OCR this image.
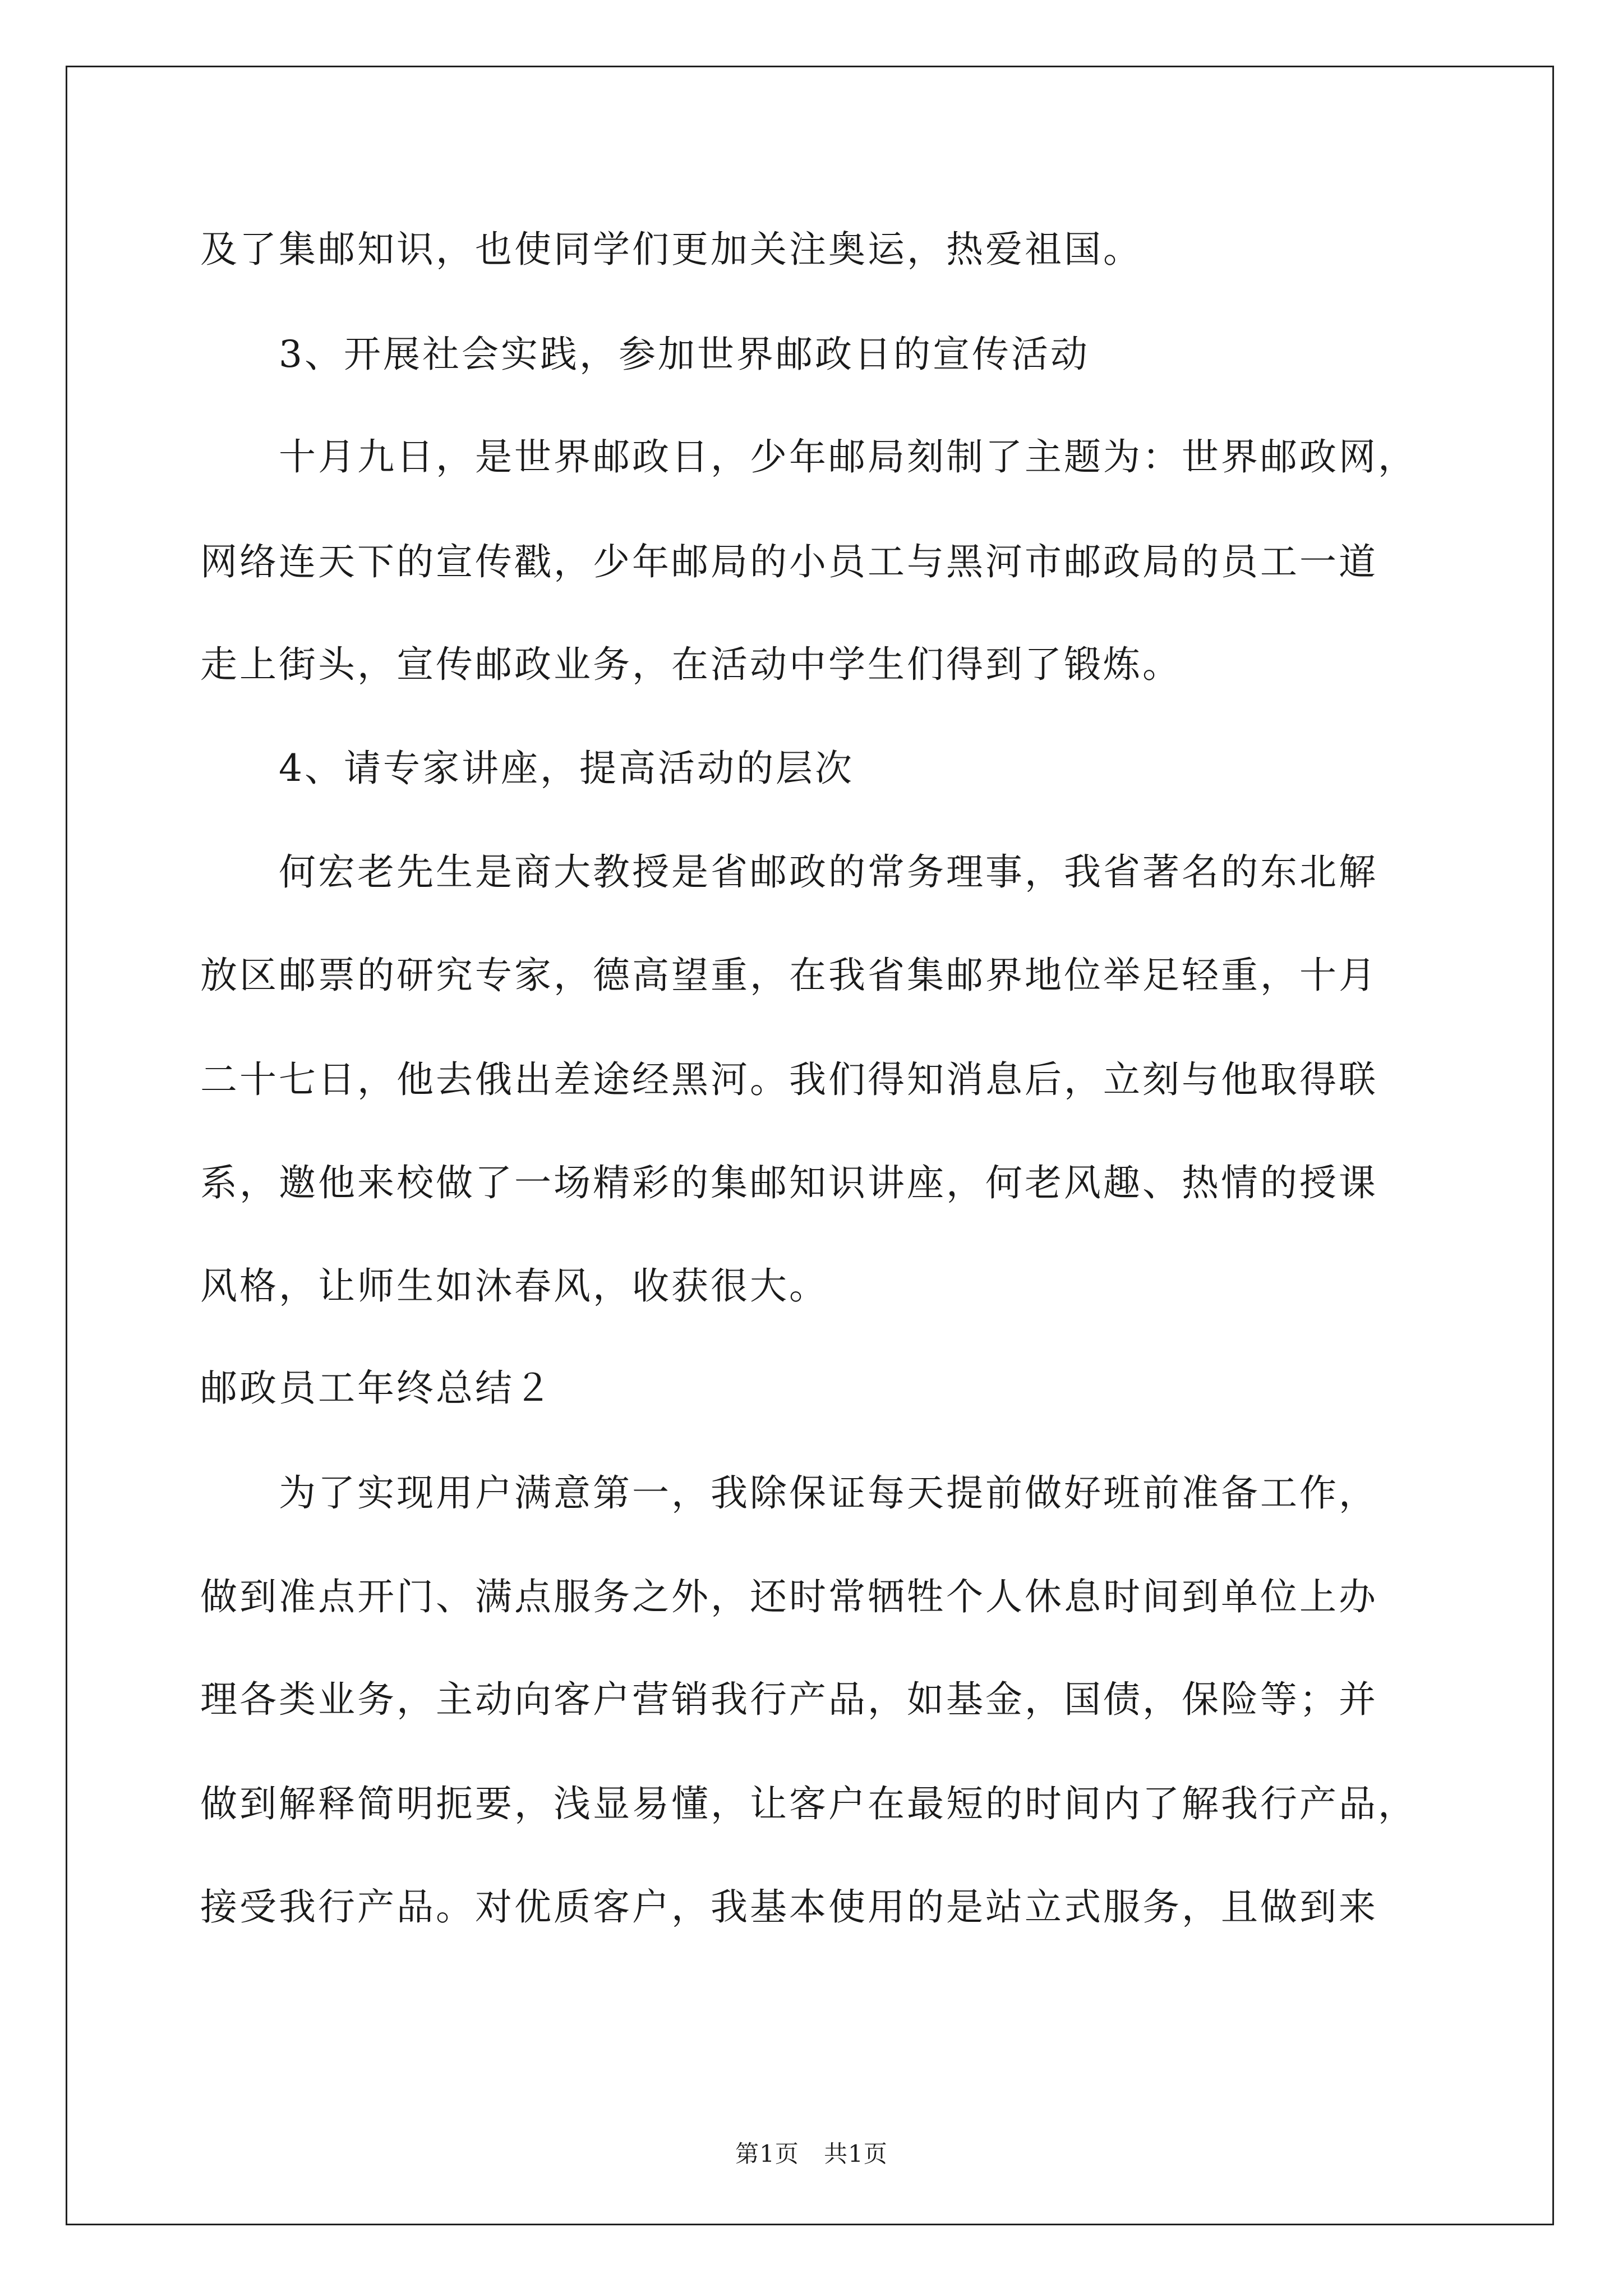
及了集邮知识，也使同学们更加关注奥运，热爱祖国。
3、开展社会实践，参加世界邮政日的宣传活动
十月九日，是世界邮政日，少年邮局刻制了主题为：世界邮政网，
网络连天下的宣传戳，少年邮局的小员工与黑河市邮政局的员工一道
走上街头，宣传邮政业务，在活动中学生们得到了锻炼。
4、请专家讲座，提高活动的层次
何宏老先生是商大教授是省邮政的常务理事，我省著名的东北解
放区邮票的研究专家，德高望重，在我省集邮界地位举足轻重，十月
二十七日，他去俄出差途经黑河。我们得知消息后，立刻与他取得联
系，邀他来校做了一场精彩的集邮知识讲座，何老风趣、热情的授课
风格，让师生如沐春风，收获很大。
邮政员工年终总结２
为了实现用户满意第一，我除保证每天提前做好班前准备工作，
做到准点开门、满点服务之外，还时常牺牲个人休息时间到单位上办
理各类业务，主动向客户营销我行产品，如基金，国债，保险等；并
做到解释简明扼要，浅显易懂，让客户在最短的时间内了解我行产品，
接受我行产品。对优质客户，我基本使用的是站立式服务，且做到来
第1页 共1页
